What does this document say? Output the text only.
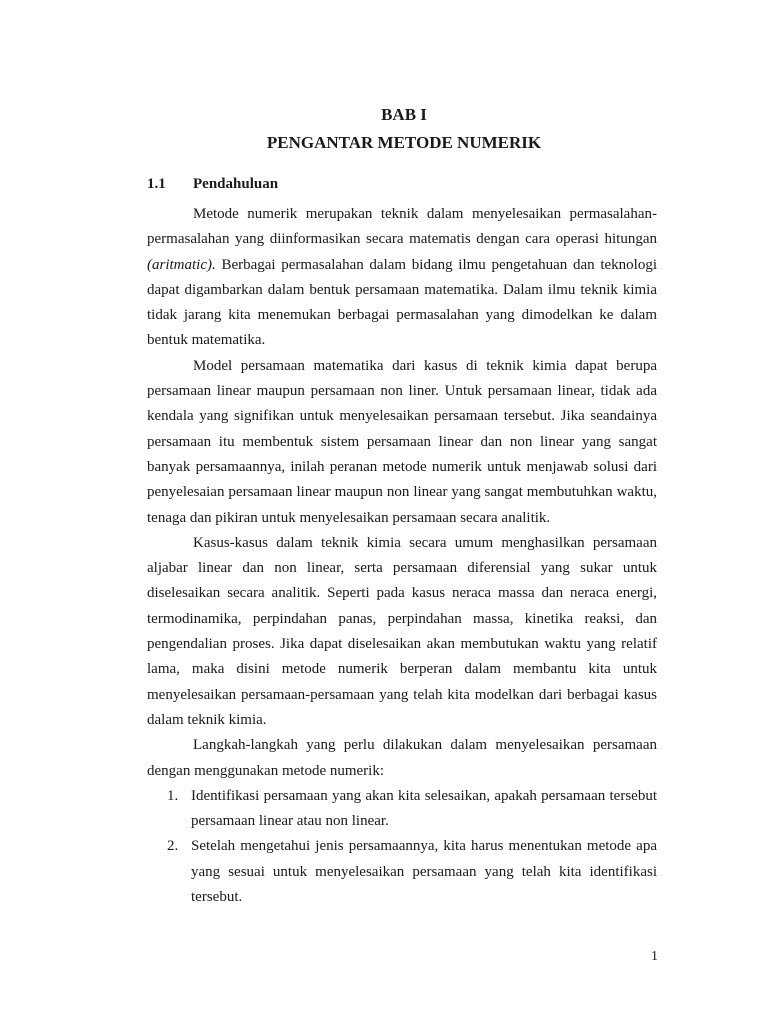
BAB I
PENGANTAR METODE NUMERIK
1.1 Pendahuluan

Metode numerik merupakan teknik dalam menyelesaikan permasalahan-permasalahan yang diinformasikan secara matematis dengan cara operasi hitungan (aritmatic). Berbagai permasalahan dalam bidang ilmu pengetahuan dan teknologi dapat digambarkan dalam bentuk persamaan matematika. Dalam ilmu teknik kimia tidak jarang kita menemukan berbagai permasalahan yang dimodelkan ke dalam bentuk matematika.

Model persamaan matematika dari kasus di teknik kimia dapat berupa persamaan linear maupun persamaan non liner. Untuk persamaan linear, tidak ada kendala yang signifikan untuk menyelesaikan persamaan tersebut. Jika seandainya persamaan itu membentuk sistem persamaan linear dan non linear yang sangat banyak persamaannya, inilah peranan metode numerik untuk menjawab solusi dari penyelesaian persamaan linear maupun non linear yang sangat membutuhkan waktu, tenaga dan pikiran untuk menyelesaikan persamaan secara analitik.

Kasus-kasus dalam teknik kimia secara umum menghasilkan persamaan aljabar linear dan non linear, serta persamaan diferensial yang sukar untuk diselesaikan secara analitik. Seperti pada kasus neraca massa dan neraca energi, termodinamika, perpindahan panas, perpindahan massa, kinetika reaksi, dan pengendalian proses. Jika dapat diselesaikan akan membutukan waktu yang relatif lama, maka disini metode numerik berperan dalam membantu kita untuk menyelesaikan persamaan-persamaan yang telah kita modelkan dari berbagai kasus dalam teknik kimia.

Langkah-langkah yang perlu dilakukan dalam menyelesaikan persamaan dengan menggunakan metode numerik:

1. Identifikasi persamaan yang akan kita selesaikan, apakah persamaan tersebut persamaan linear atau non linear.
2. Setelah mengetahui jenis persamaannya, kita harus menentukan metode apa yang sesuai untuk menyelesaikan persamaan yang telah kita identifikasi tersebut.

1
